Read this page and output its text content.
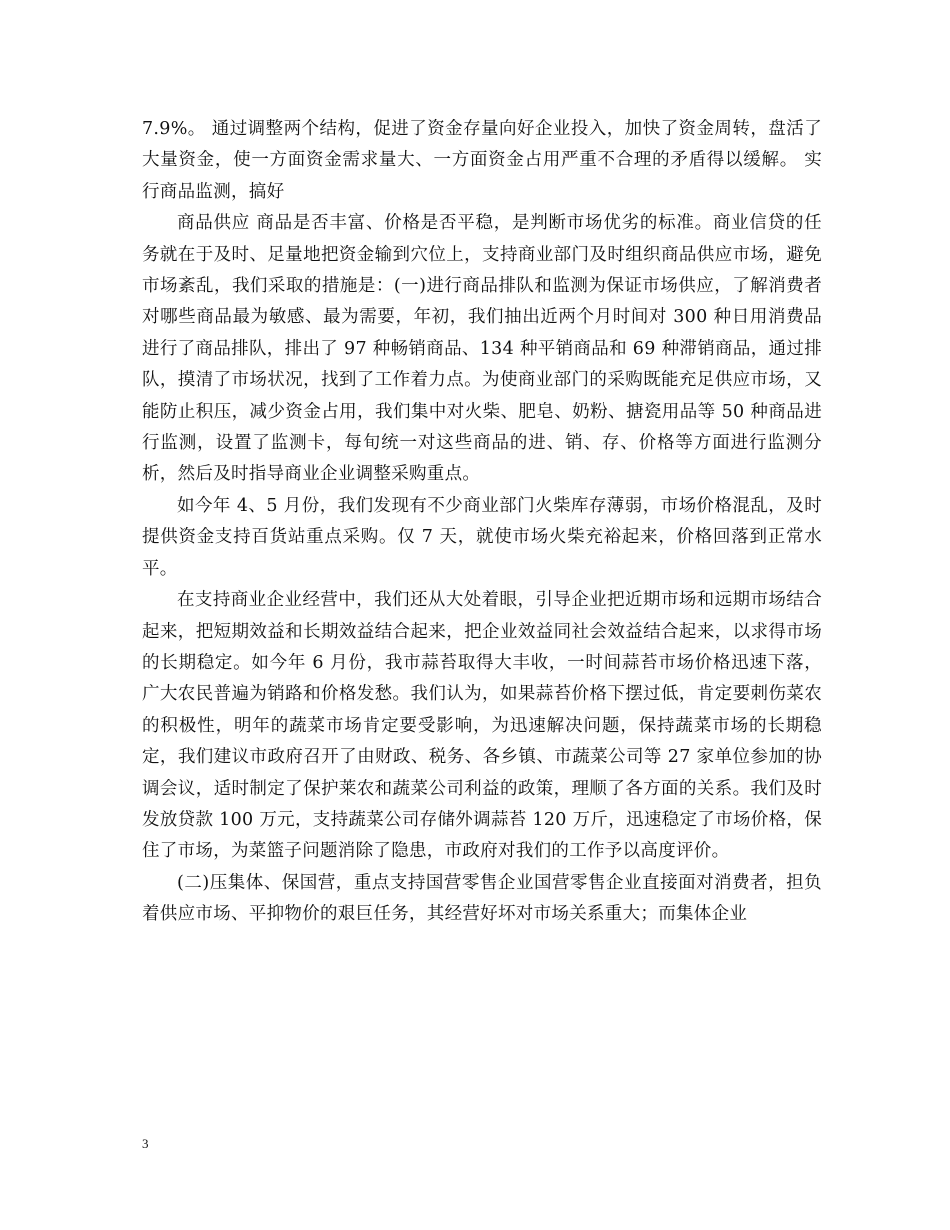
7.9%。 通过调整两个结构，促进了资金存量向好企业投入，加快了资金周转，盘活了大量资金，使一方面资金需求量大、一方面资金占用严重不合理的矛盾得以缓解。 实行商品监测，搞好

商品供应 商品是否丰富、价格是否平稳，是判断市场优劣的标准。商业信贷的任务就在于及时、足量地把资金输到穴位上，支持商业部门及时组织商品供应市场，避免市场紊乱，我们采取的措施是：(一)进行商品排队和监测为保证市场供应，了解消费者对哪些商品最为敏感、最为需要，年初，我们抽出近两个月时间对 300 种日用消费品进行了商品排队，排出了 97 种畅销商品、134 种平销商品和 69 种滞销商品，通过排队，摸清了市场状况，找到了工作着力点。为使商业部门的采购既能充足供应市场，又能防止积压，减少资金占用，我们集中对火柴、肥皂、奶粉、搪瓷用品等 50 种商品进行监测，设置了监测卡，每旬统一对这些商品的进、销、存、价格等方面进行监测分析，然后及时指导商业企业调整采购重点。

如今年 4、5 月份，我们发现有不少商业部门火柴库存薄弱，市场价格混乱，及时提供资金支持百货站重点采购。仅 7 天，就使市场火柴充裕起来，价格回落到正常水平。

在支持商业企业经营中，我们还从大处着眼，引导企业把近期市场和远期市场结合起来，把短期效益和长期效益结合起来，把企业效益同社会效益结合起来，以求得市场的长期稳定。如今年 6 月份，我市蒜苔取得大丰收，一时间蒜苔市场价格迅速下落，广大农民普遍为销路和价格发愁。我们认为，如果蒜苔价格下摆过低，肯定要刺伤菜农的积极性，明年的蔬菜市场肯定要受影响，为迅速解决问题，保持蔬菜市场的长期稳定，我们建议市政府召开了由财政、税务、各乡镇、市蔬菜公司等 27 家单位参加的协调会议，适时制定了保护莱农和蔬菜公司利益的政策，理顺了各方面的关系。我们及时发放贷款 100 万元，支持蔬菜公司存储外调蒜苔 120 万斤，迅速稳定了市场价格，保住了市场，为菜篮子问题消除了隐患，市政府对我们的工作予以高度评价。

(二)压集体、保国营，重点支持国营零售企业国营零售企业直接面对消费者，担负着供应市场、平抑物价的艰巨任务，其经营好坏对市场关系重大；而集体企业

3
